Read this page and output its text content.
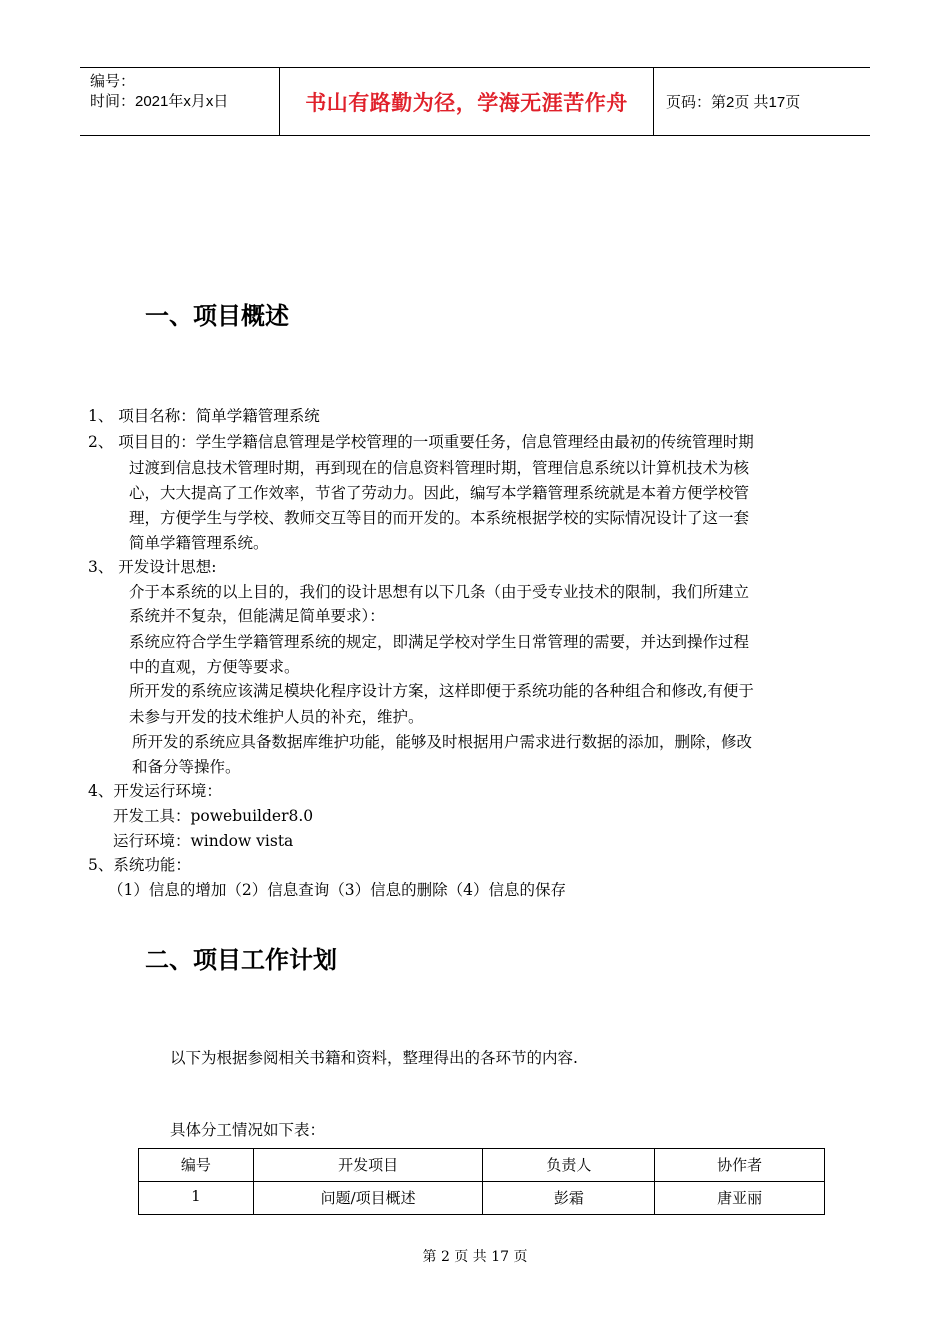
编号：
时间：2021年x月x日	书山有路勤为径，学海无涯苦作舟	页码：第2页 共17页
一、项目概述
1、 项目名称：简单学籍管理系统
2、 项目目的：学生学籍信息管理是学校管理的一项重要任务，信息管理经由最初的传统管理时期
过渡到信息技术管理时期，再到现在的信息资料管理时期，管理信息系统以计算机技术为核
心，大大提高了工作效率，节省了劳动力。因此，编写本学籍管理系统就是本着方便学校管
理，方便学生与学校、教师交互等目的而开发的。本系统根据学校的实际情况设计了这一套
简单学籍管理系统。
3、 开发设计思想:
介于本系统的以上目的，我们的设计思想有以下几条（由于受专业技术的限制，我们所建立
系统并不复杂，但能满足简单要求）：
系统应符合学生学籍管理系统的规定，即满足学校对学生日常管理的需要，并达到操作过程
中的直观，方便等要求。
所开发的系统应该满足模块化程序设计方案，这样即便于系统功能的各种组合和修改,有便于
未参与开发的技术维护人员的补充，维护。
所开发的系统应具备数据库维护功能，能够及时根据用户需求进行数据的添加，删除，修改
和备分等操作。
4、开发运行环境：
开发工具：powebuilder8.0
运行环境：window vista
5、系统功能：
（1）信息的增加（2）信息查询（3）信息的删除（4）信息的保存
二、项目工作计划
以下为根据参阅相关书籍和资料，整理得出的各环节的内容.
具体分工情况如下表：
编号	开发项目	负责人	协作者
1	问题/项目概述	彭霜	唐亚丽
第 2 页 共 17 页
